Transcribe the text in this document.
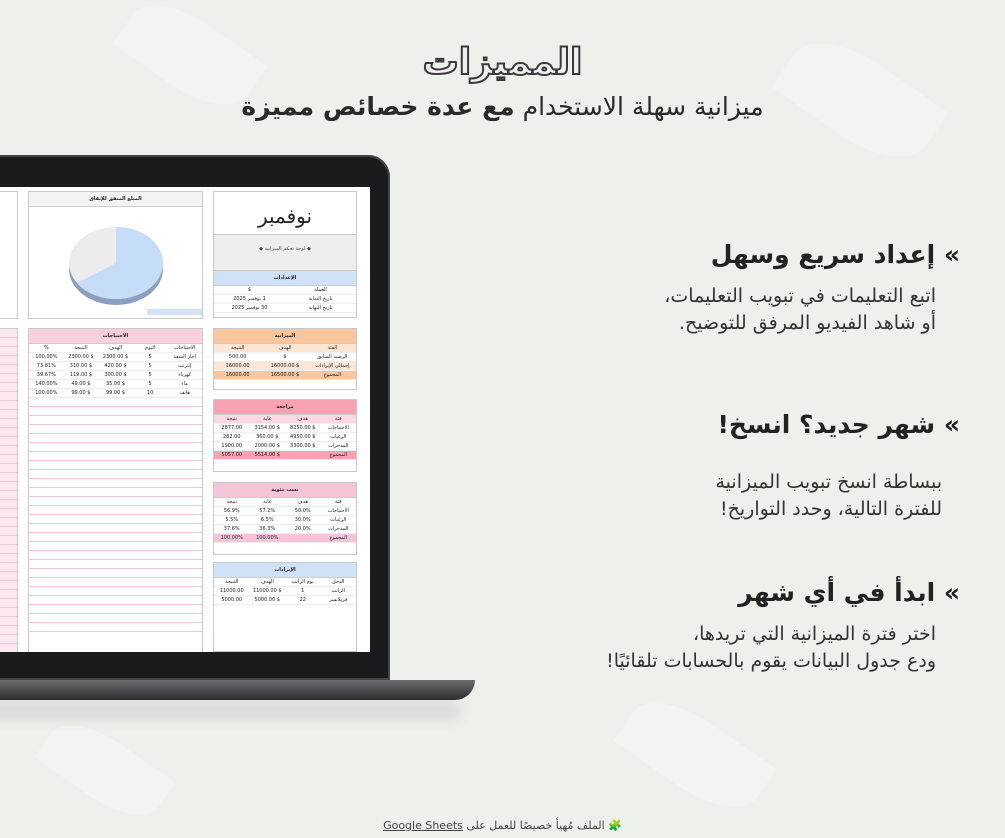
المميزات
ميزانية سهلة الاستخدام مع عدة خصائص مميزة
» إعداد سريع وسهل

اتبع التعليمات في تبويب التعليمات،

أو شاهد الفيديو المرفق للتوضيح.

» شهر جديد؟ انسخ!

ببساطة انسخ تبويب الميزانية

للفترة التالية، وحدد التواريخ!

» ابدأ في أي شهر

اختر فترة الميزانية التي تريدها،

ودع جدول البيانات يقوم بالحسابات تلقائيًا!

نوفمبر
◆ لوحة تحكم الميزانية ◆
الإعدادات
العملة
$
تاريخ البداية
1 نوفمبر 2025
تاريخ النهاية
30 نوفمبر 2025
الميزانية
الفئة
الهدف
النتيجة
الرصيد السابق
$
500.00
إجمالي الإيرادات
$ 16000.00
16000.00
المجموع
$ 16500.00
16000.00
مراجعة
فئة
هدف
غاية
نتيجة
الاحتياجات
$ 8250.00
$ 3154.00
2877.00
الرغبات
$ 4950.00
$ 360.00
282.00
المدخرات
$ 3300.00
$ 2000.00
1900.00
المجموع
$ 5514.00
5057.00
نسب مئوية
فئة
هدف
غاية
نتيجة
الاحتياجات
50.0%
57.2%
56.9%
الرغبات
30.0%
6.5%
5.5%
المدخرات
20.0%
36.3%
37.6%
المجموع
100.00%
100.00%
الإيرادات
الدخل
يوم الراتب
الهدف
النتيجة
الراتب
1
$ 11000.00
11000.00
فريلانسر
22
$ 5000.00
5000.00
المبلغ المنفق للإنفاق
الاحتياجات
الاحتياجات
اليوم
الهدف
النتيجة
%
أجار الشقة
5
$ 2300.00
$ 2300.00
100.00%
إنترنت
5
$ 420.00
$ 310.00
73.81%
كهرباء
5
$ 300.00
$ 119.00
39.67%
ماء
5
$ 35.00
$ 49.00
140.00%
هاتف
10
$ 99.00
$ 99.00
100.00%
🧩 الملف مُهيأ خصيصًا للعمل على Google Sheets
